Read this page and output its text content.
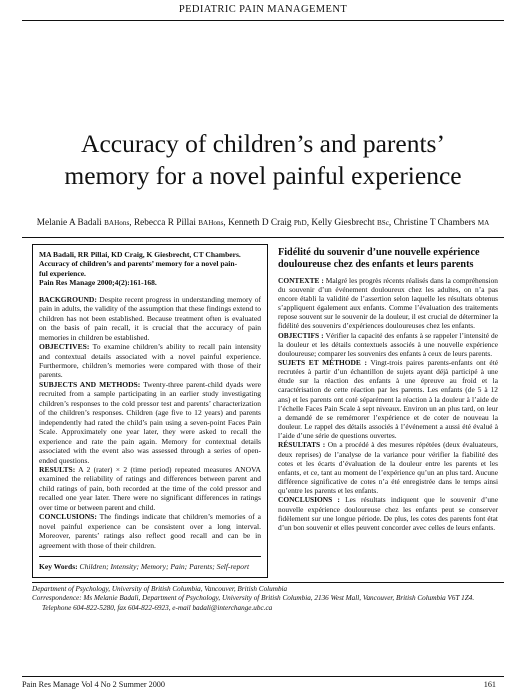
PEDIATRIC PAIN MANAGEMENT
Accuracy of children’s and parents’
memory for a novel painful experience
Melanie A Badali BAHons, Rebecca R Pillai BAHons, Kenneth D Craig PhD, Kelly Giesbrecht BSc, Christine T Chambers MA
MA Badali, RR Pillai, KD Craig, K Giesbrecht, CT Chambers.
Accuracy of children’s and parents’ memory for a novel pain-
ful experience.
Pain Res Manage 2000;4(2):161-168.

BACKGROUND: Despite recent progress in understanding memory of pain in adults, the validity of the assumption that these findings extend to children has not been established. Because treatment often is evaluated on the basis of pain recall, it is crucial that the accuracy of pain memories in children be established.

OBJECTIVES: To examine children’s ability to recall pain intensity and contextual details associated with a novel painful experience. Furthermore, children’s memories were compared with those of their parents.

SUBJECTS AND METHODS: Twenty-three parent-child dyads were recruited from a sample participating in an earlier study investigating children’s responses to the cold pressor test and parents’ characterization of the children’s responses. Children (age five to 12 years) and parents independently had rated the child’s pain using a seven-point Faces Pain Scale. Approximately one year later, they were asked to recall the experience and rate the pain again. Memory for contextual details associated with the event also was assessed through a series of open-ended questions.

RESULTS: A 2 (rater) × 2 (time period) repeated measures ANOVA examined the reliability of ratings and differences between parent and child ratings of pain, both recorded at the time of the cold pressor and recalled one year later. There were no significant differences in ratings over time or between parent and child.

CONCLUSIONS: The findings indicate that children’s memories of a novel painful experience can be consistent over a long interval. Moreover, parents’ ratings also reflect good recall and can be in agreement with those of their children.

Key Words: Children; Intensity; Memory; Pain; Parents; Self-report

Fidélité du souvenir d’une nouvelle expérience douloureuse chez des enfants et leurs parents

CONTEXTE : Malgré les progrès récents réalisés dans la compréhension du souvenir d’un événement douloureux chez les adultes, on n’a pas encore établi la validité de l’assertion selon laquelle les résultats obtenus s’appliquent également aux enfants. Comme l’évaluation des traitements repose souvent sur le souvenir de la douleur, il est crucial de déterminer la fidélité des souvenirs d’expériences douloureuses chez les enfants.

OBJECTIFS : Vérifier la capacité des enfants à se rappeler l’intensité de la douleur et les détails contextuels associés à une nouvelle expérience douloureuse; comparer les souvenirs des enfants à ceux de leurs parents.

SUJETS ET MÉTHODE : Vingt-trois paires parents-enfants ont été recrutées à partir d’un échantillon de sujets ayant déjà participé à une étude sur la réaction des enfants à une épreuve au froid et la caractérisation de cette réaction par les parents. Les enfants (de 5 à 12 ans) et les parents ont coté séparément la réaction à la douleur à l’aide de l’échelle Faces Pain Scale à sept niveaux. Environ un an plus tard, on leur a demandé de se remémorer l’expérience et de coter de nouveau la douleur. Le rappel des détails associés à l’événement a aussi été évalué à l’aide d’une série de questions ouvertes.

RÉSULTATS : On a procédé à des mesures répétées (deux évaluateurs, deux reprises) de l’analyse de la variance pour vérifier la fiabilité des cotes et les écarts d’évaluation de la douleur entre les parents et les enfants, et ce, tant au moment de l’expérience qu’un an plus tard. Aucune différence significative de cotes n’a été enregistrée dans le temps ainsi qu’entre les parents et les enfants.

CONCLUSIONS : Les résultats indiquent que le souvenir d’une nouvelle expérience douloureuse chez les enfants peut se conserver fidèlement sur une longue période. De plus, les cotes des parents font état d’un bon souvenir et elles peuvent concorder avec celles de leurs enfants.

Department of Psychology, University of British Columbia, Vancouver, British Columbia
Correspondence: Ms Melanie Badali, Department of Psychology, University of British Columbia, 2136 West Mall, Vancouver, British Columbia V6T 1Z4.
Telephone 604-822-5280, fax 604-822-6923, e-mail badali@interchange.ubc.ca
Pain Res Manage Vol 4 No 2 Summer 2000	161
